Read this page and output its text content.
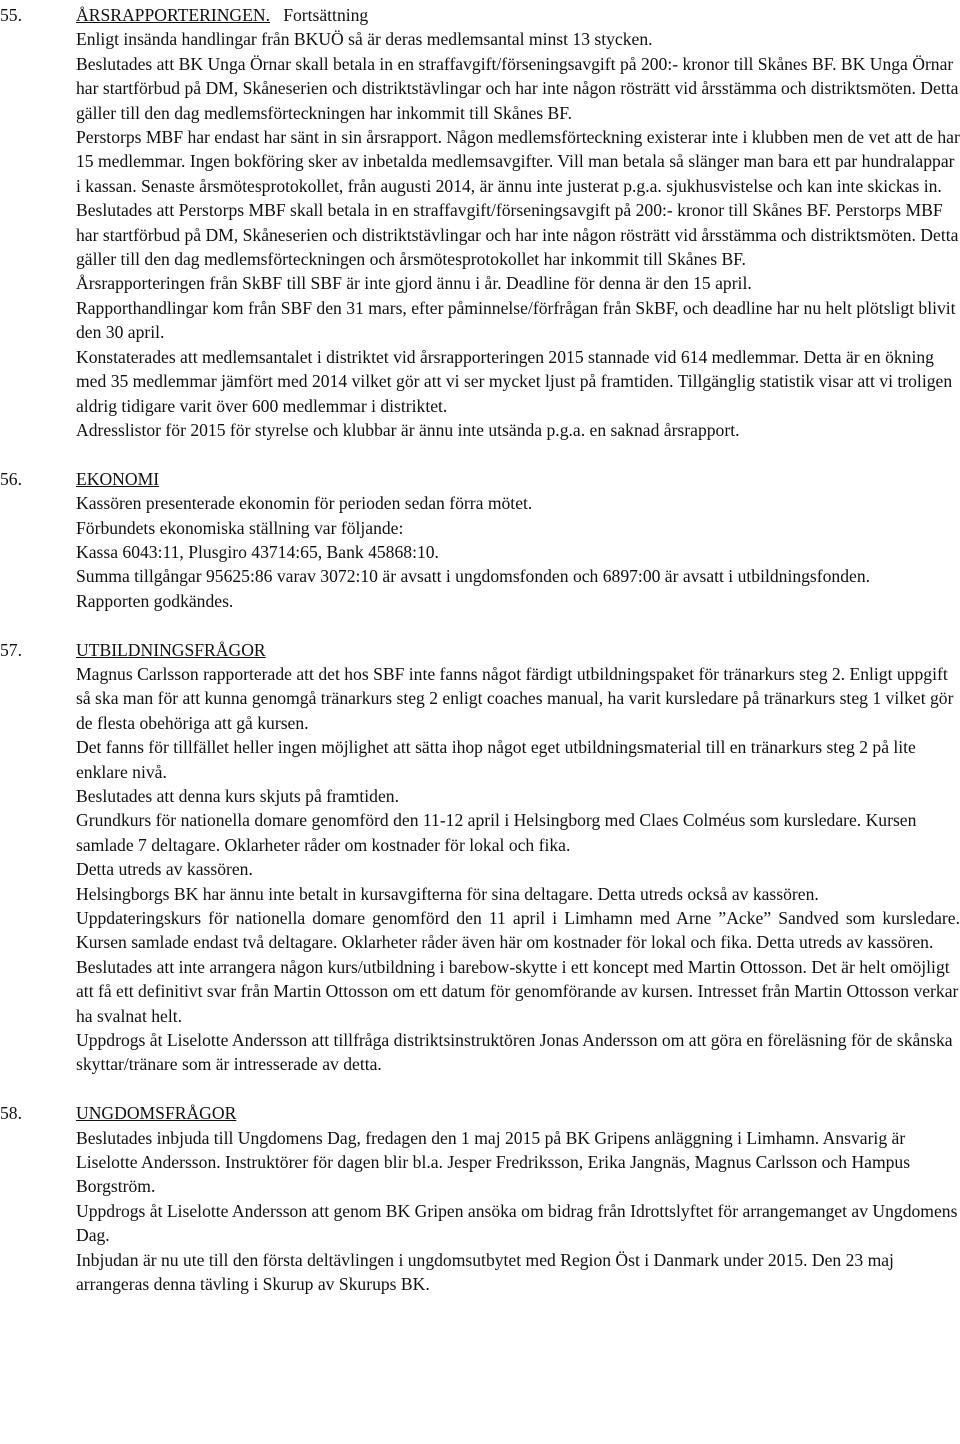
55.	ÅRSRAPPORTERINGEN. Fortsättning
Enligt insända handlingar från BKUÖ så är deras medlemsantal minst 13 stycken.
Beslutades att BK Unga Örnar skall betala in en straffavgift/förseningsavgift på 200:- kronor till Skånes BF. BK Unga Örnar har startförbud på DM, Skåneserien och distriktstävlingar och har inte någon rösträtt vid årsstämma och distriktsmöten. Detta gäller till den dag medlemsförteckningen har inkommit till Skånes BF.
Perstorps MBF har endast har sänt in sin årsrapport. Någon medlemsförteckning existerar inte i klubben men de vet att de har 15 medlemmar. Ingen bokföring sker av inbetalda medlemsavgifter. Vill man betala så slänger man bara ett par hundralappar i kassan. Senaste årsmötesprotokollet, från augusti 2014, är ännu inte justerat p.g.a. sjukhusvistelse och kan inte skickas in.
Beslutades att Perstorps MBF skall betala in en straffavgift/förseningsavgift på 200:- kronor till Skånes BF. Perstorps MBF har startförbud på DM, Skåneserien och distriktstävlingar och har inte någon rösträtt vid årsstämma och distriktsmöten. Detta gäller till den dag medlemsförteckningen och årsmötesprotokollet har inkommit till Skånes BF.
Årsrapporteringen från SkBF till SBF är inte gjord ännu i år. Deadline för denna är den 15 april.
Rapporthandlingar kom från SBF den 31 mars, efter påminnelse/förfrågan från SkBF, och deadline har nu helt plötsligt blivit den 30 april.
Konstaterades att medlemsantalet i distriktet vid årsrapporteringen 2015 stannade vid 614 medlemmar. Detta är en ökning med 35 medlemmar jämfört med 2014 vilket gör att vi ser mycket ljust på framtiden. Tillgänglig statistik visar att vi troligen aldrig tidigare varit över 600 medlemmar i distriktet.
Adresslistor för 2015 för styrelse och klubbar är ännu inte utsända p.g.a. en saknad årsrapport.
56.	EKONOMI
Kassören presenterade ekonomin för perioden sedan förra mötet.
Förbundets ekonomiska ställning var följande:
Kassa 6043:11, Plusgiro 43714:65, Bank 45868:10.
Summa tillgångar 95625:86 varav 3072:10 är avsatt i ungdomsfonden och 6897:00 är avsatt i utbildningsfonden.
Rapporten godkändes.
57.	UTBILDNINGSFRÅGOR
Magnus Carlsson rapporterade att det hos SBF inte fanns något färdigt utbildningspaket för tränarkurs steg 2. Enligt uppgift så ska man för att kunna genomgå tränarkurs steg 2 enligt coaches manual, ha varit kursledare på tränarkurs steg 1 vilket gör de flesta obehöriga att gå kursen.
Det fanns för tillfället heller ingen möjlighet att sätta ihop något eget utbildningsmaterial till en tränarkurs steg 2 på lite enklare nivå.
Beslutades att denna kurs skjuts på framtiden.
Grundkurs för nationella domare genomförd den 11-12 april i Helsingborg med Claes Colméus som kursledare. Kursen samlade 7 deltagare. Oklarheter råder om kostnader för lokal och fika.
Detta utreds av kassören.
Helsingborgs BK har ännu inte betalt in kursavgifterna för sina deltagare. Detta utreds också av kassören.
Uppdateringskurs för nationella domare genomförd den 11 april i Limhamn med Arne ”Acke” Sandved som kursledare. Kursen samlade endast två deltagare. Oklarheter råder även här om kostnader för lokal och fika. Detta utreds av kassören.
Beslutades att inte arrangera någon kurs/utbildning i barebow-skytte i ett koncept med Martin Ottosson. Det är helt omöjligt att få ett definitivt svar från Martin Ottosson om ett datum för genomförande av kursen. Intresset från Martin Ottosson verkar ha svalnat helt.
Uppdrogs åt Liselotte Andersson att tillfråga distriktsinstruktören Jonas Andersson om att göra en föreläsning för de skånska skyttar/tränare som är intresserade av detta.
58.	UNGDOMSFRÅGOR
Beslutades inbjuda till Ungdomens Dag, fredagen den 1 maj 2015 på BK Gripens anläggning i Limhamn. Ansvarig är Liselotte Andersson. Instruktörer för dagen blir bl.a. Jesper Fredriksson, Erika Jangnäs, Magnus Carlsson och Hampus Borgström.
Uppdrogs åt Liselotte Andersson att genom BK Gripen ansöka om bidrag från Idrottslyftet för arrangemanget av Ungdomens Dag.
Inbjudan är nu ute till den första deltävlingen i ungdomsutbytet med Region Öst i Danmark under 2015. Den 23 maj arrangeras denna tävling i Skurup av Skurups BK.
